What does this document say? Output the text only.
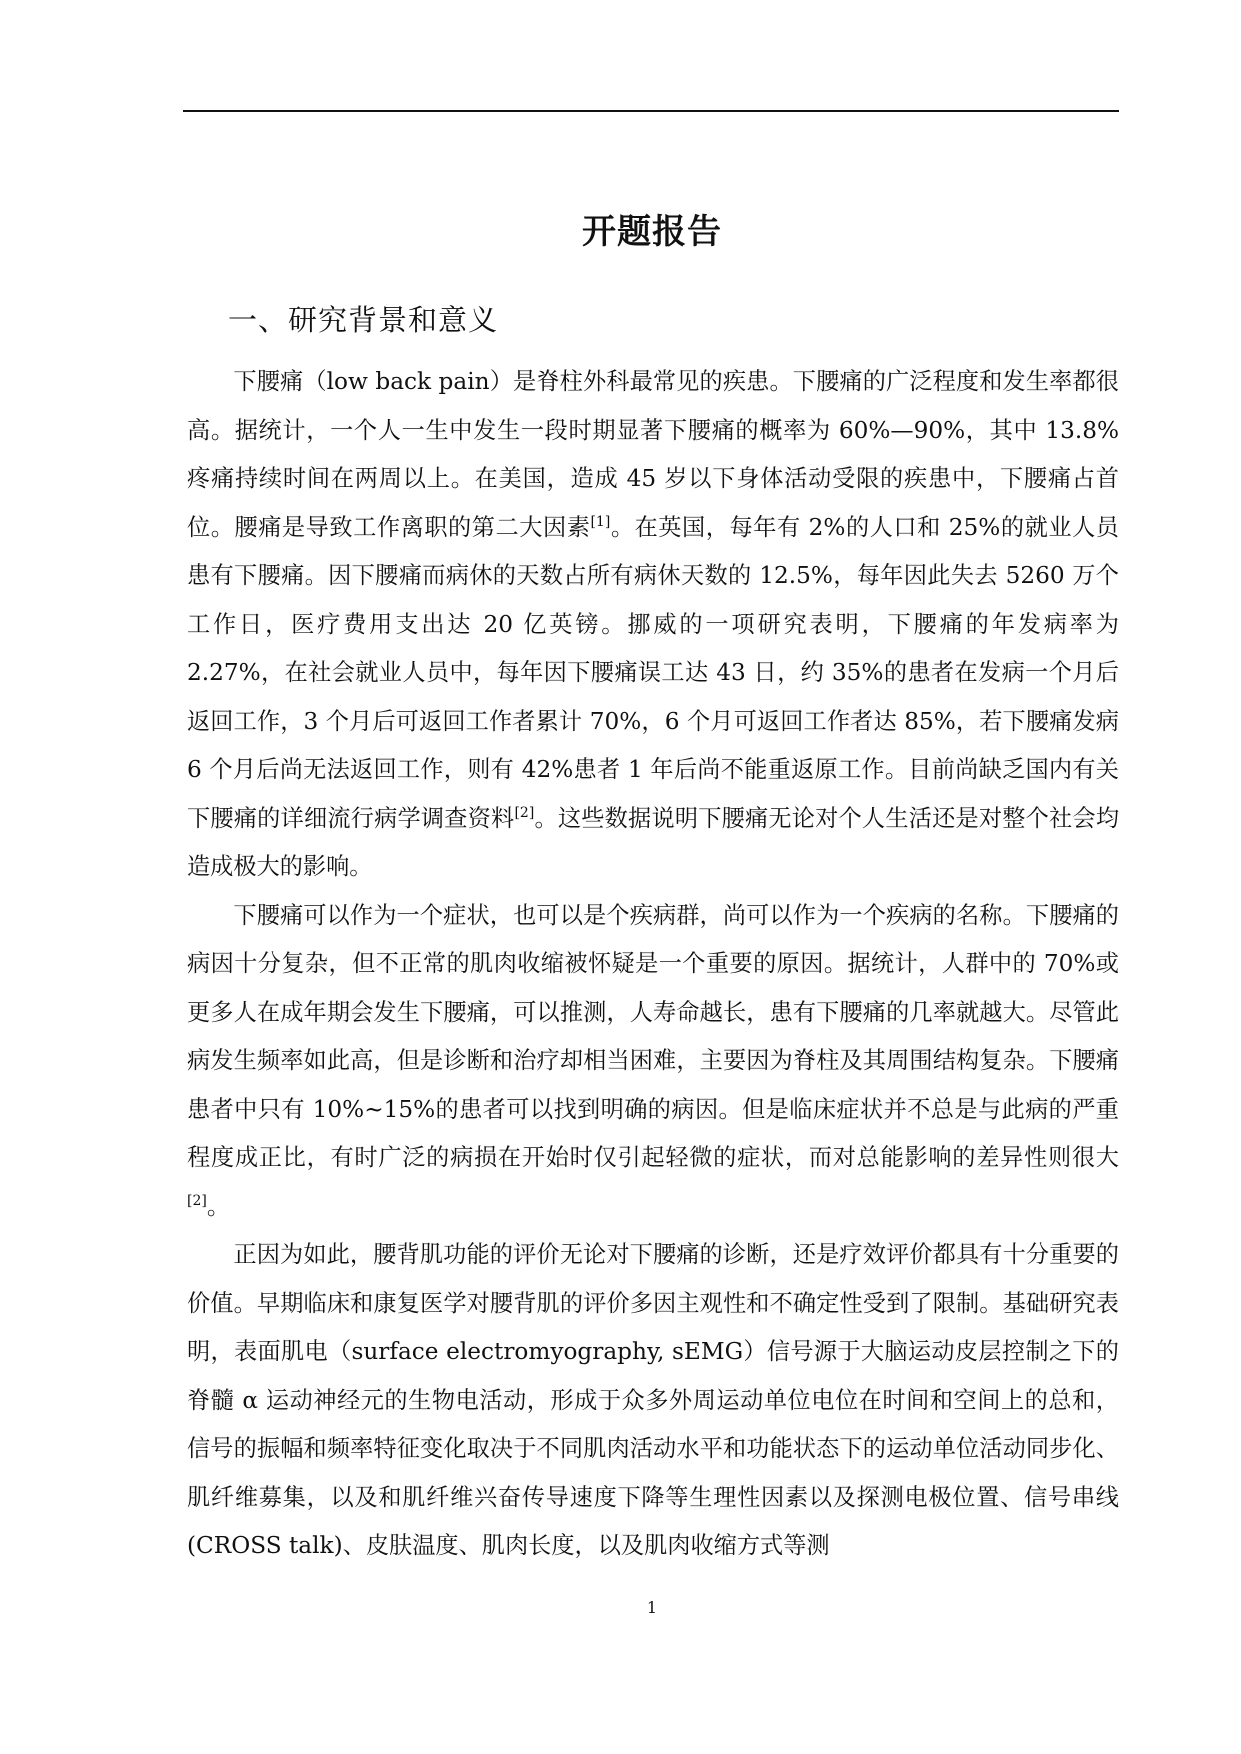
开题报告
一、研究背景和意义

下腰痛（low back pain）是脊柱外科最常见的疾患。下腰痛的广泛程度和发生率都很高。据统计，一个人一生中发生一段时期显著下腰痛的概率为 60%—90%，其中 13.8%疼痛持续时间在两周以上。在美国，造成 45 岁以下身体活动受限的疾患中，下腰痛占首位。腰痛是导致工作离职的第二大因素[1]。在英国，每年有 2%的人口和 25%的就业人员患有下腰痛。因下腰痛而病休的天数占所有病休天数的 12.5%，每年因此失去 5260 万个工作日，医疗费用支出达 20 亿英镑。挪威的一项研究表明，下腰痛的年发病率为 2.27%，在社会就业人员中，每年因下腰痛误工达 43 日，约 35%的患者在发病一个月后返回工作，3 个月后可返回工作者累计 70%，6 个月可返回工作者达 85%，若下腰痛发病 6 个月后尚无法返回工作，则有 42%患者 1 年后尚不能重返原工作。目前尚缺乏国内有关下腰痛的详细流行病学调查资料[2]。这些数据说明下腰痛无论对个人生活还是对整个社会均造成极大的影响。

下腰痛可以作为一个症状，也可以是个疾病群，尚可以作为一个疾病的名称。下腰痛的病因十分复杂，但不正常的肌肉收缩被怀疑是一个重要的原因。据统计，人群中的 70%或更多人在成年期会发生下腰痛，可以推测，人寿命越长，患有下腰痛的几率就越大。尽管此病发生频率如此高，但是诊断和治疗却相当困难，主要因为脊柱及其周围结构复杂。下腰痛患者中只有 10%~15%的患者可以找到明确的病因。但是临床症状并不总是与此病的严重程度成正比，有时广泛的病损在开始时仅引起轻微的症状，而对总能影响的差异性则很大[2]。

正因为如此，腰背肌功能的评价无论对下腰痛的诊断，还是疗效评价都具有十分重要的价值。早期临床和康复医学对腰背肌的评价多因主观性和不确定性受到了限制。基础研究表明，表面肌电（surface electromyography, sEMG）信号源于大脑运动皮层控制之下的脊髓 α 运动神经元的生物电活动，形成于众多外周运动单位电位在时间和空间上的总和，信号的振幅和频率特征变化取决于不同肌肉活动水平和功能状态下的运动单位活动同步化、肌纤维募集，以及和肌纤维兴奋传导速度下降等生理性因素以及探测电极位置、信号串线(CROSS talk)、皮肤温度、肌肉长度，以及肌肉收缩方式等测

1
